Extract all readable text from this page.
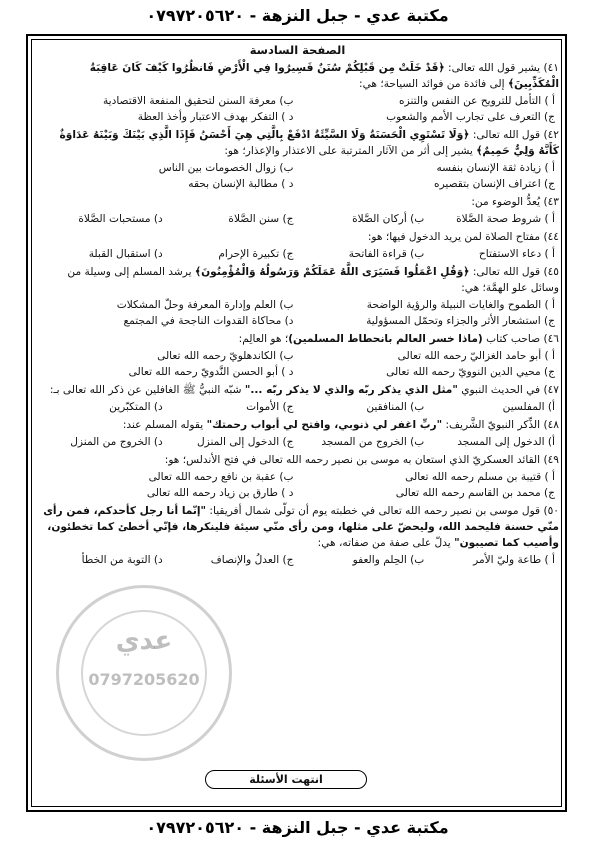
مكتبة عدي - جبل النزهة - ٠٧٩٧٢٠٥٦٢٠
الصفحة السادسة
٤١) يشير قول الله تعالى: ﴿قَدْ خَلَتْ مِن قَبْلِكُمْ سُنَنٌ فَسِيرُوا فِي الْأَرْضِ فَانظُرُوا كَيْفَ كَانَ عَاقِبَةُ الْمُكَذِّبِينَ﴾ إلى فائدة من فوائد السياحة؛ هي:
أ ) التأمل للترويح عن النفس والتنزه
ب) معرفة السنن لتحقيق المنفعة الاقتصادية
ج) التعرف على تجارب الأمم والشعوب
د ) التفكر بهدف الاعتبار وأخذ العظة
٤٢) قول الله تعالى: ﴿وَلَا تَسْتَوِي الْحَسَنَةُ وَلَا السَّيِّئَةُ ادْفَعْ بِالَّتِي هِيَ أَحْسَنُ فَإِذَا الَّذِي بَيْنَكَ وَبَيْنَهُ عَدَاوَةٌ كَأَنَّهُ وَلِيٌّ حَمِيمٌ﴾ يشير إلى أثر من الآثار المترتبة على الاعتذار والإعذار؛ هو:
أ ) زيادة ثقة الإنسان بنفسه
ب) زوال الخصومات بين الناس
ج) اعتراف الإنسان بتقصيره
د ) مطالبة الإنسان بحقه
٤٣) يُعدُّ الوضوء من:
أ ) شروط صحة الصَّلاة
ب) أركان الصَّلاة
ج) سنن الصَّلاة
د) مستحبات الصَّلاة
٤٤) مفتاح الصلاة لمن يريد الدخول فيها؛ هو:
أ ) دعاء الاستفتاح
ب) قراءة الفاتحة
ج) تكبيرة الإحرام
د) استقبال القبلة
٤٥) قول الله تعالى: ﴿وَقُلِ اعْمَلُوا فَسَيَرَى اللَّهُ عَمَلَكُمْ وَرَسُولُهُ وَالْمُؤْمِنُونَ﴾ يرشد المسلم إلى وسيلة من وسائل علو الهمَّة؛ هي:
أ ) الطموح والغايات النبيلة والرؤية الواضحة
ب) العلم وإدارة المعرفة وحلّ المشكلات
ج) استشعار الأثر والجزاء وتحمّل المسؤولية
د) محاكاة القدوات الناجحة في المجتمع
٤٦) صاحب كتاب (ماذا خسر العالم بانحطاط المسلمين)؛ هو العالِم:
أ ) أبو حامد الغزاليّ رحمه الله تعالى
ب) الكاندهلويّ رحمه الله تعالى
ج) محيي الدين النوويّ رحمه الله تعالى
د ) أبو الحسن النَّدويّ رحمه الله تعالى
٤٧) في الحديث النبوي "مثل الذي يذكر ربّه والذي لا يذكر ربّه ..." شبّه النبيُّ ﷺ الغافلين عن ذكر الله تعالى بـ:
أ) المفلسين
ب) المنافقين
ج) الأموات
د) المتكبّرين
٤٨) الذِّكر النبويّ الشَّريف: "ربِّ اغفر لي ذنوبي، وافتح لي أبواب رحمتك" يقوله المسلم عند:
أ) الدخول إلى المسجد
ب) الخروج من المسجد
ج) الدخول إلى المنزل
د) الخروج من المنزل
٤٩) القائد العسكريّ الذي استعان به موسى بن نصير رحمه الله تعالى في فتح الأندلس؛ هو:
أ ) قتيبة بن مسلم رحمه الله تعالى
ب) عقبة بن نافع رحمه الله تعالى
ج) محمد بن القاسم رحمه الله تعالى
د ) طارق بن زياد رحمه الله تعالى
٥٠) قول موسى بن نصير رحمه الله تعالى في خطبته يوم أن تولّى شمال أفريقيا: "إنّما أنا رجل كأحدكم، فمن رأى منّي حسنة فليحمد الله، وليحضّ على مثلها، ومن رأى منّي سيئة فلينكرها، فإنّي أخطئ كما تخطئون، وأصيب كما تصيبون" يدلّ على صفة من صفاته، هي:
أ ) طاعة وليّ الأمر
ب) الحِلم والعفو
ج) العدلُ والإنصاف
د) التوبة من الخطأ
عدي
0797205620
انتهت الأسئلة
مكتبة عدي - جبل النزهة - ٠٧٩٧٢٠٥٦٢٠
